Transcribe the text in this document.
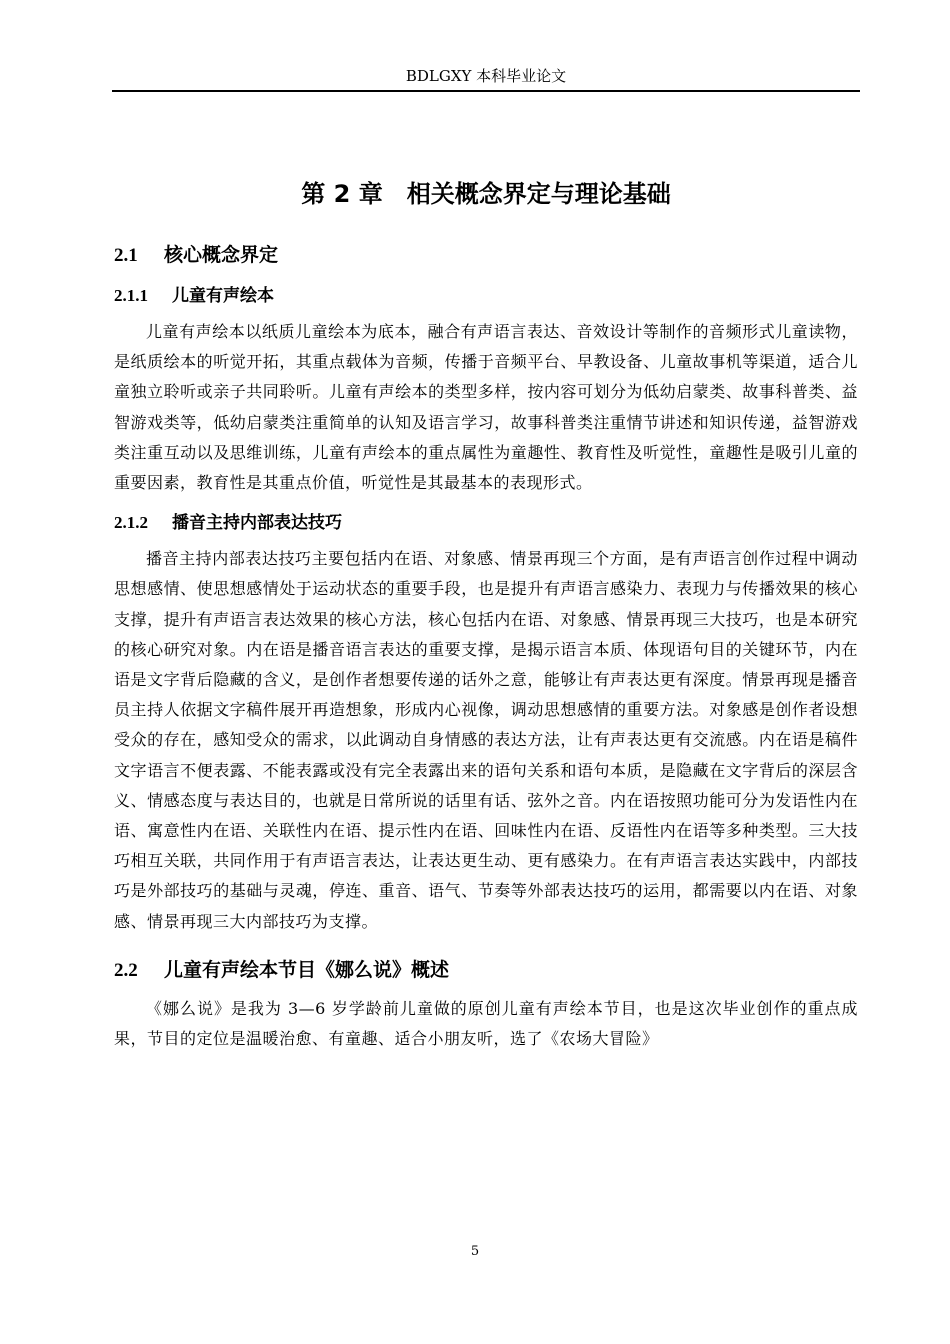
BDLGXY 本科毕业论文
第 2 章　相关概念界定与理论基础
2.1 核心概念界定
2.1.1 儿童有声绘本

儿童有声绘本以纸质儿童绘本为底本，融合有声语言表达、音效设计等制作的音频形式儿童读物，是纸质绘本的听觉开拓，其重点载体为音频，传播于音频平台、早教设备、儿童故事机等渠道，适合儿童独立聆听或亲子共同聆听。儿童有声绘本的类型多样，按内容可划分为低幼启蒙类、故事科普类、益智游戏类等，低幼启蒙类注重简单的认知及语言学习，故事科普类注重情节讲述和知识传递，益智游戏类注重互动以及思维训练，儿童有声绘本的重点属性为童趣性、教育性及听觉性，童趣性是吸引儿童的重要因素，教育性是其重点价值，听觉性是其最基本的表现形式。

2.1.2 播音主持内部表达技巧

播音主持内部表达技巧主要包括内在语、对象感、情景再现三个方面，是有声语言创作过程中调动思想感情、使思想感情处于运动状态的重要手段，也是提升有声语言感染力、表现力与传播效果的核心支撑，提升有声语言表达效果的核心方法，核心包括内在语、对象感、情景再现三大技巧，也是本研究的核心研究对象。内在语是播音语言表达的重要支撑，是揭示语言本质、体现语句目的关键环节，内在语是文字背后隐藏的含义，是创作者想要传递的话外之意，能够让有声表达更有深度。情景再现是播音员主持人依据文字稿件展开再造想象，形成内心视像，调动思想感情的重要方法。对象感是创作者设想受众的存在，感知受众的需求，以此调动自身情感的表达方法，让有声表达更有交流感。内在语是稿件文字语言不便表露、不能表露或没有完全表露出来的语句关系和语句本质，是隐藏在文字背后的深层含义、情感态度与表达目的，也就是日常所说的话里有话、弦外之音。内在语按照功能可分为发语性内在语、寓意性内在语、关联性内在语、提示性内在语、回味性内在语、反语性内在语等多种类型。三大技巧相互关联，共同作用于有声语言表达，让表达更生动、更有感染力。在有声语言表达实践中，内部技巧是外部技巧的基础与灵魂，停连、重音、语气、节奏等外部表达技巧的运用，都需要以内在语、对象感、情景再现三大内部技巧为支撑。

2.2 儿童有声绘本节目《娜么说》概述

《娜么说》是我为 3—6 岁学龄前儿童做的原创儿童有声绘本节目，也是这次毕业创作的重点成果，节目的定位是温暖治愈、有童趣、适合小朋友听，选了《农场大冒险》

5
